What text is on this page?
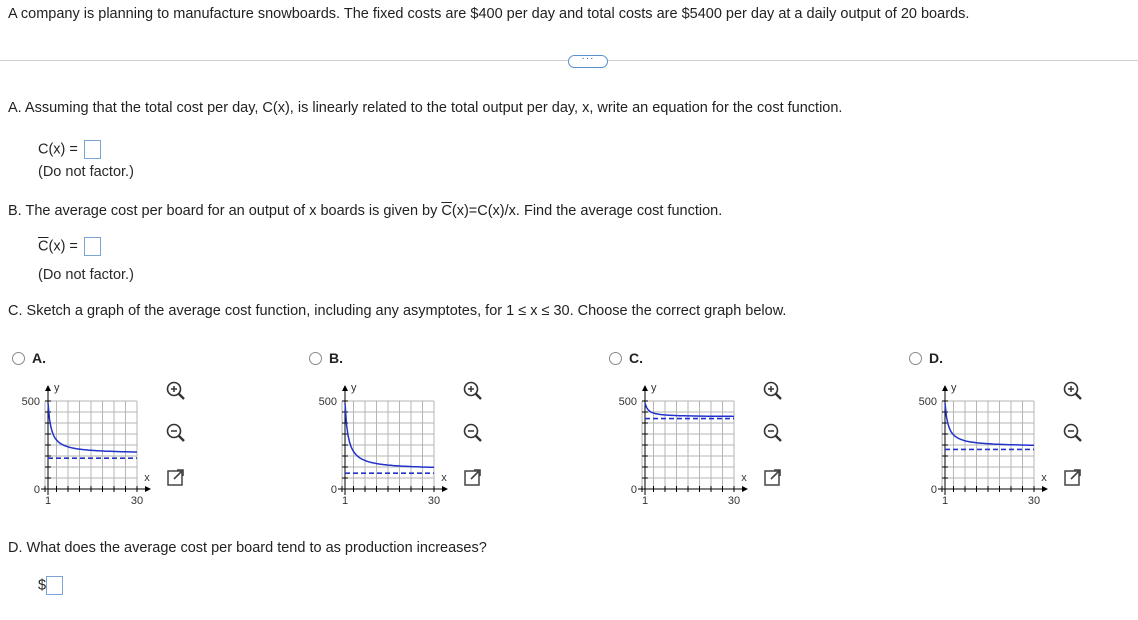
A company is planning to manufacture snowboards. The fixed costs are $400 per day and total costs are $5400 per day at a daily output of 20 boards.
···
A. Assuming that the total cost per day, C(x), is linearly related to the total output per day, x, write an equation for the cost function.
C(x) =
(Do not factor.)
B. The average cost per board for an output of x boards is given by $\overline{C}(x)=C(x)/x$. Find the average cost function.
$\overline{C}(x)$ =
(Do not factor.)
C. Sketch a graph of the average cost function, including any asymptotes, for 1 ≤ x ≤ 30. Choose the correct graph below.
A.
500
0
1	30
x
y
B.
500
0
1	30
x
y
C.
500
0
1	30
x
y
D.
500
0
1	30
x
y
D. What does the average cost per board tend to as production increases?
$
